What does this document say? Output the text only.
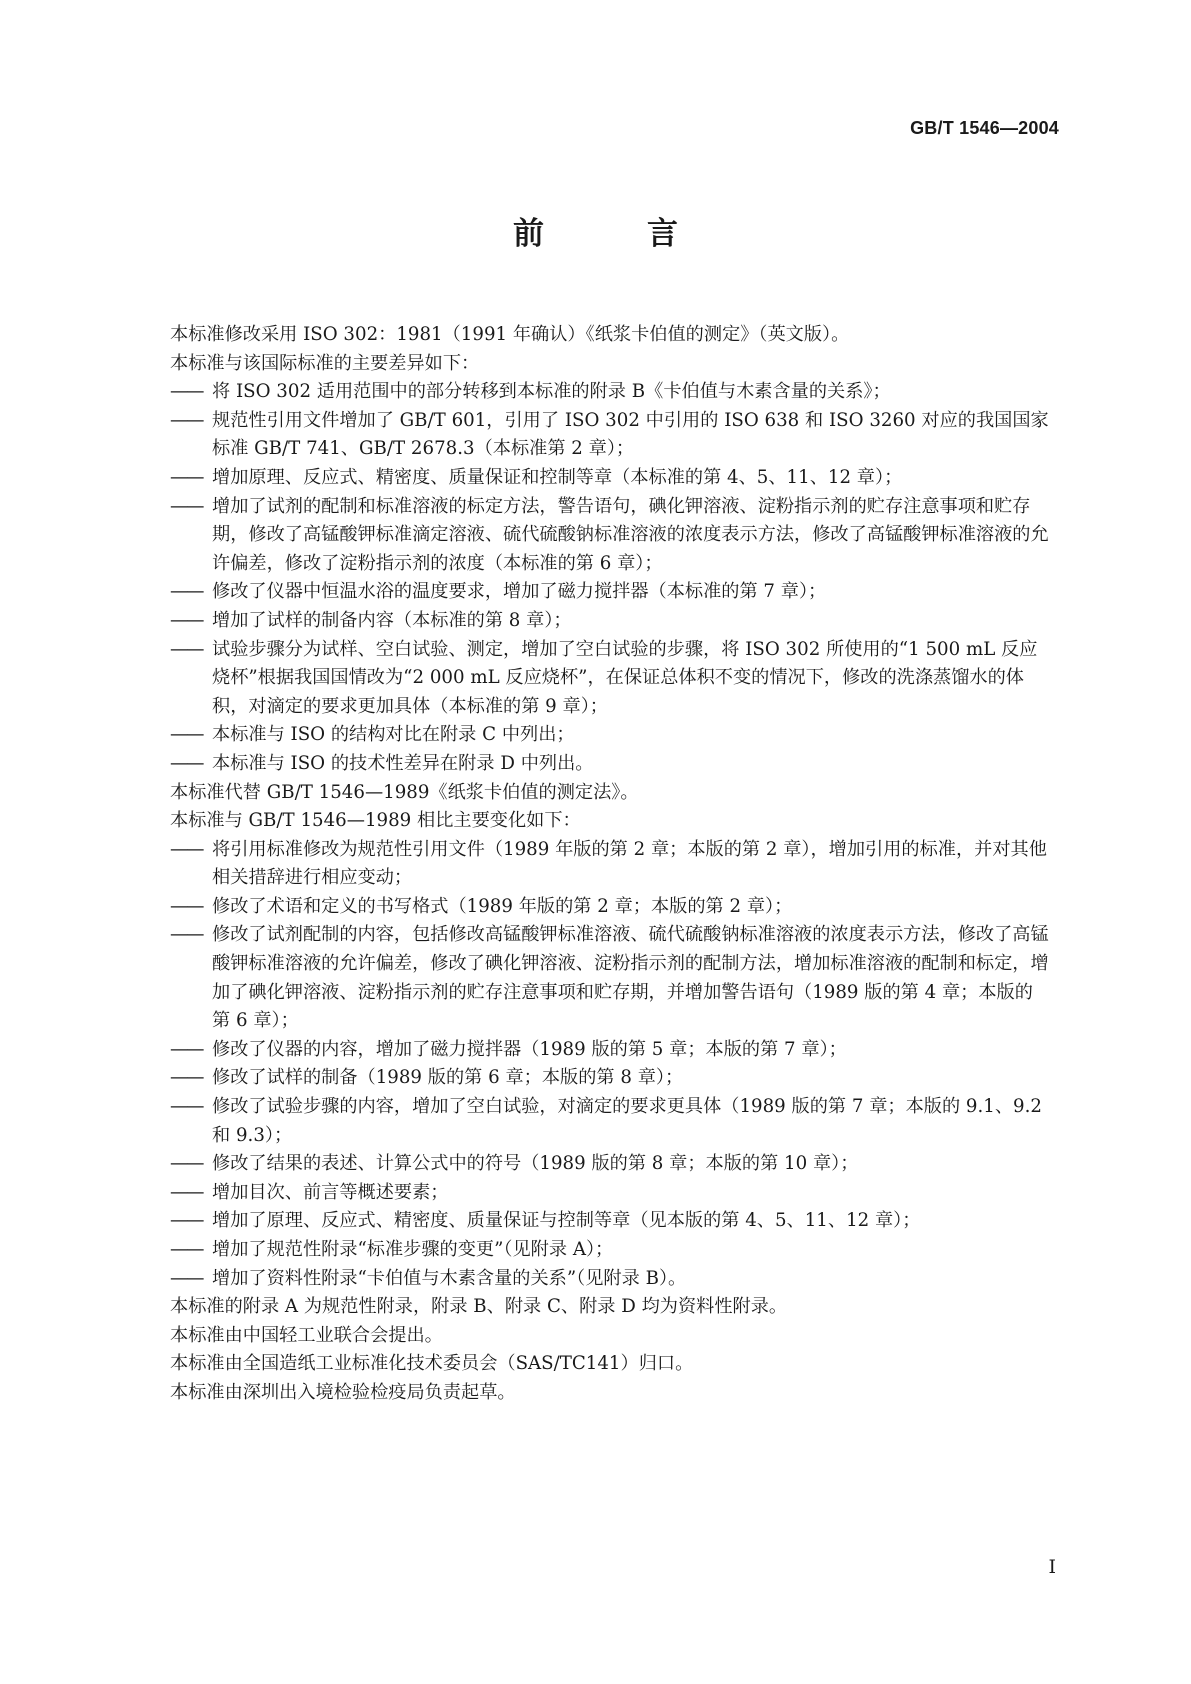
GB/T 1546—2004
前　言
本标准修改采用 ISO 302：1981（1991 年确认）《纸浆卡伯值的测定》（英文版）。
本标准与该国际标准的主要差异如下：
—— 将 ISO 302 适用范围中的部分转移到本标准的附录 B《卡伯值与木素含量的关系》；
—— 规范性引用文件增加了 GB/T 601，引用了 ISO 302 中引用的 ISO 638 和 ISO 3260 对应的我国国家标准 GB/T 741、GB/T 2678.3（本标准第 2 章）；
—— 增加原理、反应式、精密度、质量保证和控制等章（本标准的第 4、5、11、12 章）；
—— 增加了试剂的配制和标准溶液的标定方法，警告语句，碘化钾溶液、淀粉指示剂的贮存注意事项和贮存期，修改了高锰酸钾标准滴定溶液、硫代硫酸钠标准溶液的浓度表示方法，修改了高锰酸钾标准溶液的允许偏差，修改了淀粉指示剂的浓度（本标准的第 6 章）；
—— 修改了仪器中恒温水浴的温度要求，增加了磁力搅拌器（本标准的第 7 章）；
—— 增加了试样的制备内容（本标准的第 8 章）；
—— 试验步骤分为试样、空白试验、测定，增加了空白试验的步骤，将 ISO 302 所使用的“1 500 mL 反应烧杯”根据我国国情改为“2 000 mL 反应烧杯”，在保证总体积不变的情况下，修改的洗涤蒸馏水的体积，对滴定的要求更加具体（本标准的第 9 章）；
—— 本标准与 ISO 的结构对比在附录 C 中列出；
—— 本标准与 ISO 的技术性差异在附录 D 中列出。
本标准代替 GB/T 1546—1989《纸浆卡伯值的测定法》。
本标准与 GB/T 1546—1989 相比主要变化如下：
—— 将引用标准修改为规范性引用文件（1989 年版的第 2 章；本版的第 2 章），增加引用的标准，并对其他相关措辞进行相应变动；
—— 修改了术语和定义的书写格式（1989 年版的第 2 章；本版的第 2 章）；
—— 修改了试剂配制的内容，包括修改高锰酸钾标准溶液、硫代硫酸钠标准溶液的浓度表示方法，修改了高锰酸钾标准溶液的允许偏差，修改了碘化钾溶液、淀粉指示剂的配制方法，增加标准溶液的配制和标定，增加了碘化钾溶液、淀粉指示剂的贮存注意事项和贮存期，并增加警告语句（1989 版的第 4 章；本版的第 6 章）；
—— 修改了仪器的内容，增加了磁力搅拌器（1989 版的第 5 章；本版的第 7 章）；
—— 修改了试样的制备（1989 版的第 6 章；本版的第 8 章）；
—— 修改了试验步骤的内容，增加了空白试验，对滴定的要求更具体（1989 版的第 7 章；本版的 9.1、9.2 和 9.3）；
—— 修改了结果的表述、计算公式中的符号（1989 版的第 8 章；本版的第 10 章）；
—— 增加目次、前言等概述要素；
—— 增加了原理、反应式、精密度、质量保证与控制等章（见本版的第 4、5、11、12 章）；
—— 增加了规范性附录“标准步骤的变更”（见附录 A）；
—— 增加了资料性附录“卡伯值与木素含量的关系”（见附录 B）。
本标准的附录 A 为规范性附录，附录 B、附录 C、附录 D 均为资料性附录。
本标准由中国轻工业联合会提出。
本标准由全国造纸工业标准化技术委员会（SAS/TC141）归口。
本标准由深圳出入境检验检疫局负责起草。
I
